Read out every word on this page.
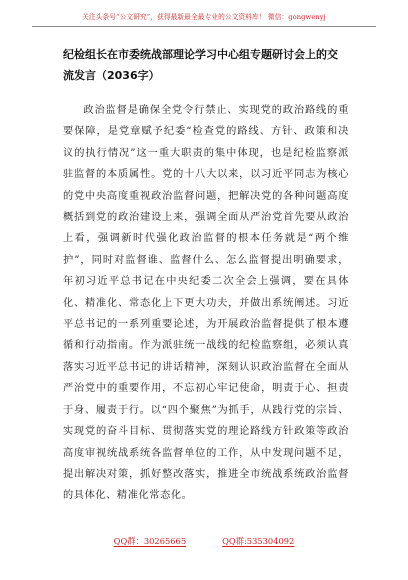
关注头条号“公文研究”，获得最新最全最专业的公文资料库！ 微信：gongwenyj
纪检组长在市委统战部理论学习中心组专题研讨会上的交流发言（2036字）
政治监督是确保全党令行禁止、实现党的政治路线的重要保障，是党章赋予纪委“检查党的路线、方针、政策和决议的执行情况”这一重大职责的集中体现，也是纪检监察派驻监督的本质属性。党的十八大以来，以习近平同志为核心的党中央高度重视政治监督问题，把解决党的各种问题高度概括到党的政治建设上来，强调全面从严治党首先要从政治上看，强调新时代强化政治监督的根本任务就是“两个维护”，同时对监督谁、监督什么、怎么监督提出明确要求，年初习近平总书记在中央纪委二次全会上强调，要在具体化、精准化、常态化上下更大功夫，并做出系统阐述。习近平总书记的一系列重要论述，为开展政治监督提供了根本遵循和行动指南。作为派驻统一战线的纪检监察组，必须认真落实习近平总书记的讲话精神，深刻认识政治监督在全面从严治党中的重要作用，不忘初心牢记使命，明责于心、担责于身、履责于行。以“四个聚焦”为抓手，从践行党的宗旨、实现党的奋斗目标、贯彻落实党的理论路线方针政策等政治高度审视统战系统各监督单位的工作，从中发现问题不足，提出解决对策，抓好整改落实，推进全市统战系统政治监督的具体化、精准化常态化。
QQ群：30265665	QQ群:535304092
